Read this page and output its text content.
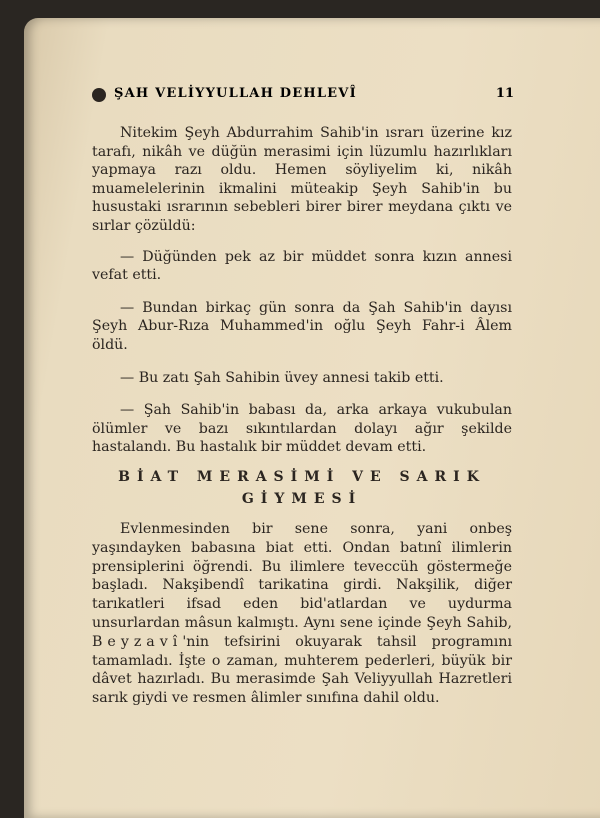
ŞAH VELİYYULLAH DEHLEVÎ	11

Nitekim Şeyh Abdurrahim Sahib'in ısrarı üzerine kız tarafı, nikâh ve düğün merasimi için lüzumlu hazırlıkları yapmaya razı oldu. Hemen söyliyelim ki, nikâh muamelelerinin ikmalini müteakip Şeyh Sahib'in bu husustaki ısrarının sebebleri birer birer meydana çıktı ve sırlar çözüldü:

— Düğünden pek az bir müddet sonra kızın annesi vefat etti.

— Bundan birkaç gün sonra da Şah Sahib'in dayısı Şeyh Abur-Rıza Muhammed'in oğlu Şeyh Fahr-i Âlem öldü.

— Bu zatı Şah Sahibin üvey annesi takib etti.

— Şah Sahib'in babası da, arka arkaya vukubulan ölümler ve bazı sıkıntılardan dolayı ağır şekilde hastalandı. Bu hastalık bir müddet devam etti.

BİAT MERASİMİ VE SARIK
GİYMESİ

Evlenmesinden bir sene sonra, yani onbeş yaşındayken babasına biat etti. Ondan batınî ilimlerin prensiplerini öğrendi. Bu ilimlere teveccüh göstermeğe başladı. Nakşibendî tarikatina girdi. Nakşilik, diğer tarıkatleri ifsad eden bid'atlardan ve uydurma unsurlardan mâsun kalmıştı. Aynı sene içinde Şeyh Sahib, Beyzavî'nin tefsirini okuyarak tahsil programını tamamladı. İşte o zaman, muhterem pederleri, büyük bir dâvet hazırladı. Bu merasimde Şah Veliyyullah Hazretleri sarık giydi ve resmen âlimler sınıfına dahil oldu.
